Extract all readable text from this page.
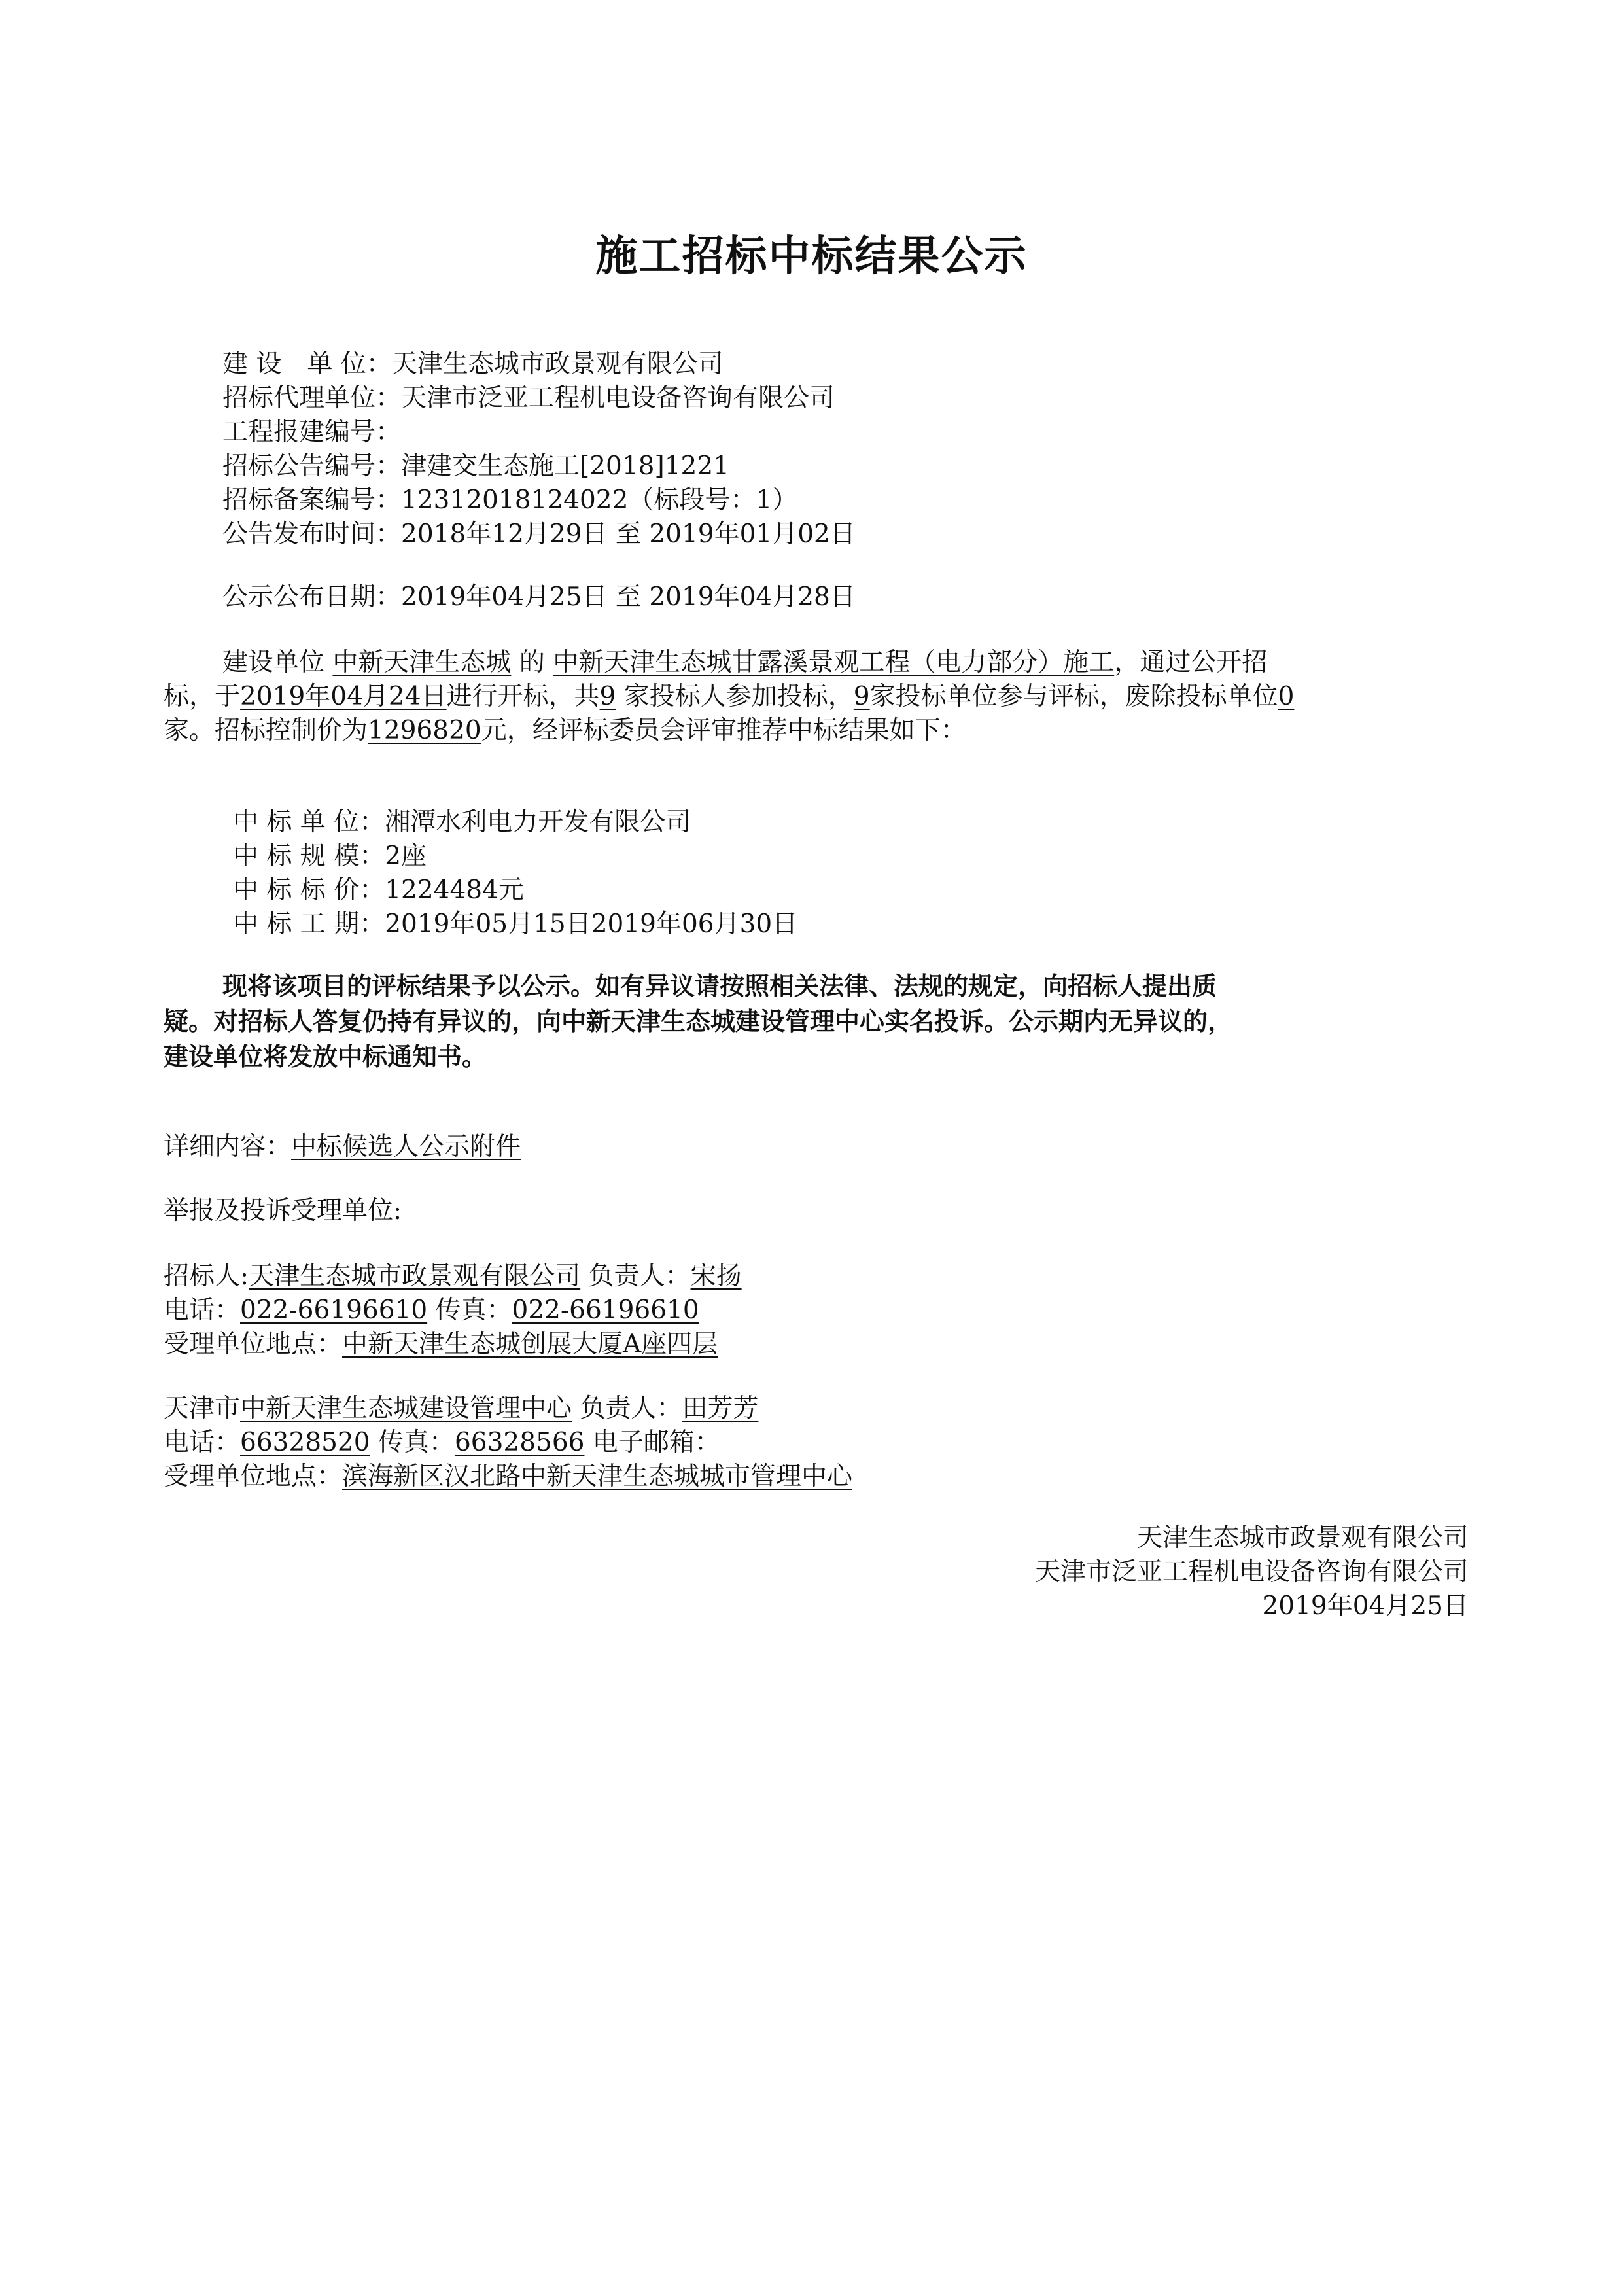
施工招标中标结果公示
建 设　单 位：天津生态城市政景观有限公司
招标代理单位：天津市泛亚工程机电设备咨询有限公司
工程报建编号：
招标公告编号：津建交生态施工[2018]1221
招标备案编号：12312018124022（标段号：1）
公告发布时间：2018年12月29日 至 2019年01月02日
公示公布日期：2019年04月25日 至 2019年04月28日
建设单位 中新天津生态城 的 中新天津生态城甘露溪景观工程（电力部分）施工，通过公开招
标，于2019年04月24日进行开标，共9 家投标人参加投标，9家投标单位参与评标，废除投标单位0
家。招标控制价为1296820元，经评标委员会评审推荐中标结果如下：
中 标 单 位：湘潭水利电力开发有限公司
中 标 规 模：2座
中 标 标 价：1224484元
中 标 工 期：2019年05月15日2019年06月30日
现将该项目的评标结果予以公示。如有异议请按照相关法律、法规的规定，向招标人提出质
疑。对招标人答复仍持有异议的，向中新天津生态城建设管理中心实名投诉。公示期内无异议的，
建设单位将发放中标通知书。
详细内容：中标候选人公示附件
举报及投诉受理单位:
招标人:天津生态城市政景观有限公司 负责人：宋扬
电话：022-66196610 传真：022-66196610
受理单位地点：中新天津生态城创展大厦A座四层
天津市中新天津生态城建设管理中心 负责人：田芳芳
电话：66328520 传真：66328566 电子邮箱：
受理单位地点：滨海新区汉北路中新天津生态城城市管理中心
天津生态城市政景观有限公司
天津市泛亚工程机电设备咨询有限公司
2019年04月25日
